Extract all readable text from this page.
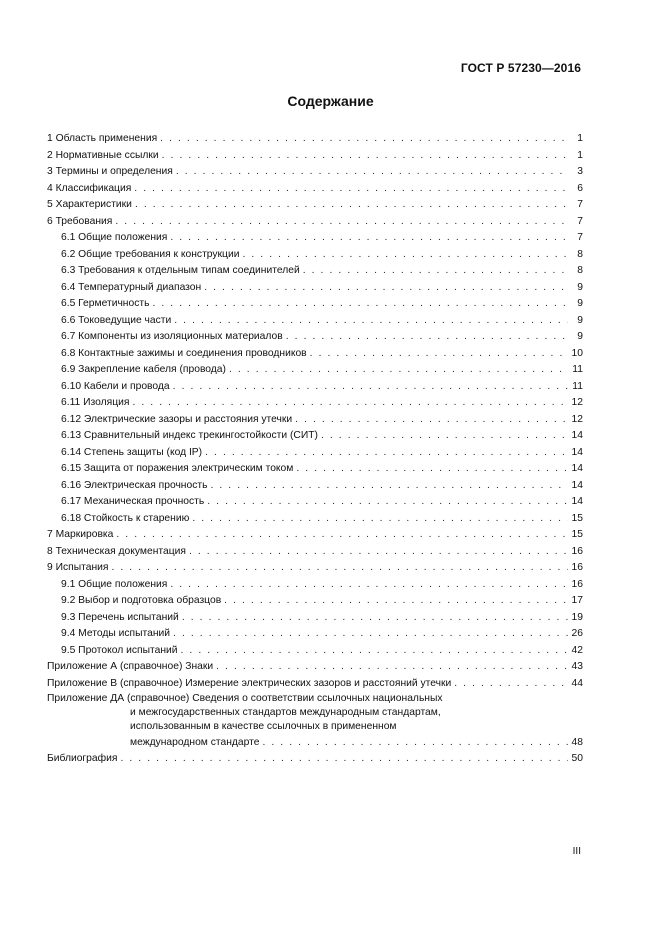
ГОСТ Р 57230—2016
Содержание
1 Область применения . . .	1
2 Нормативные ссылки . . .	1
3 Термины и определения . . .	3
4 Классификация . . .	6
5 Характеристики . . .	7
6 Требования . . .	7
6.1 Общие положения . . .	7
6.2 Общие требования к конструкции . . .	8
6.3 Требования к отдельным типам соединителей . . .	8
6.4 Температурный диапазон . . .	9
6.5 Герметичность . . .	9
6.6 Токоведущие части . . .	9
6.7 Компоненты из изоляционных материалов . . .	9
6.8 Контактные зажимы и соединения проводников . . .	10
6.9 Закрепление кабеля (провода) . . .	11
6.10 Кабели и провода . . .	11
6.11 Изоляция . . .	12
6.12 Электрические зазоры и расстояния утечки . . .	12
6.13 Сравнительный индекс трекингостойкости (СИТ) . . .	14
6.14 Степень защиты (код IP) . . .	14
6.15 Защита от поражения электрическим током . . .	14
6.16 Электрическая прочность . . .	14
6.17 Механическая прочность . . .	14
6.18 Стойкость к старению . . .	15
7 Маркировка . . .	15
8 Техническая документация . . .	16
9 Испытания . . .	16
9.1 Общие положения . . .	16
9.2 Выбор и подготовка образцов . . .	17
9.3 Перечень испытаний . . .	19
9.4 Методы испытаний . . .	26
9.5 Протокол испытаний . . .	42
Приложение А (справочное) Знаки . . .	43
Приложение В (справочное) Измерение электрических зазоров и расстояний утечки . . .	44
Приложение ДА (справочное) Сведения о соответствии ссылочных национальных
и межгосударственных стандартов международным стандартам,
использованным в качестве ссылочных в примененном
международном стандарте . . .	48
Библиография . . .	50
III
